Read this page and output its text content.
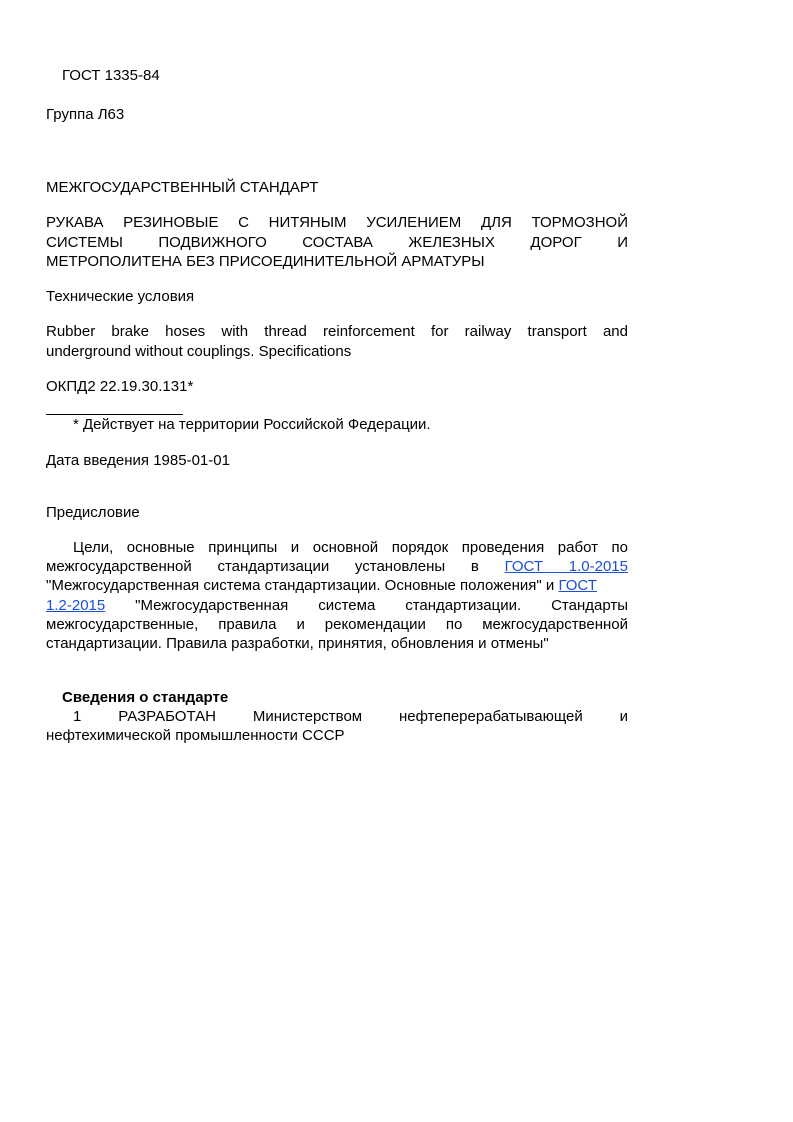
ГОСТ 1335-84
Группа Л63
МЕЖГОСУДАРСТВЕННЫЙ СТАНДАРТ
РУКАВА РЕЗИНОВЫЕ С НИТЯНЫМ УСИЛЕНИЕМ ДЛЯ ТОРМОЗНОЙ
СИСТЕМЫ ПОДВИЖНОГО СОСТАВА ЖЕЛЕЗНЫХ ДОРОГ И
МЕТРОПОЛИТЕНА БЕЗ ПРИСОЕДИНИТЕЛЬНОЙ АРМАТУРЫ
Технические условия
Rubber brake hoses with thread reinforcement for railway transport and
underground without couplings. Specifications
ОКПД2 22.19.30.131*
* Действует на территории Российской Федерации.
Дата введения 1985-01-01
Предисловие
Цели, основные принципы и основной порядок проведения работ по
межгосударственной стандартизации установлены в ГОСТ 1.0-2015
"Межгосударственная система стандартизации. Основные положения" и ГОСТ
1.2-2015 "Межгосударственная система стандартизации. Стандарты
межгосударственные, правила и рекомендации по межгосударственной
стандартизации. Правила разработки, принятия, обновления и отмены"
Сведения о стандарте
1 РАЗРАБОТАН Министерством нефтеперерабатывающей и
нефтехимической промышленности СССР
